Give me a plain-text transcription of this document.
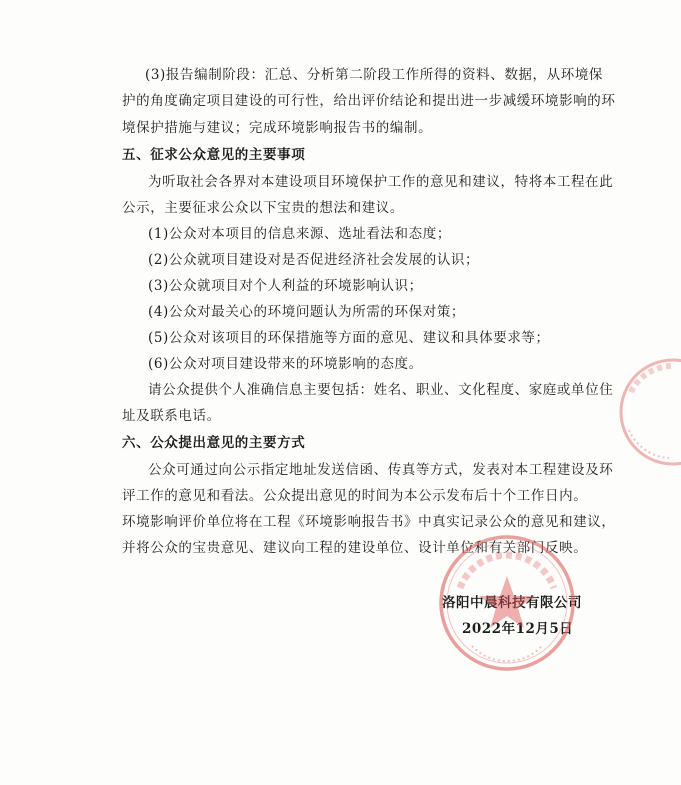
(3)报告编制阶段：汇总、分析第二阶段工作所得的资料、数据，从环境保
护的角度确定项目建设的可行性，给出评价结论和提出进一步减缓环境影响的环
境保护措施与建议；完成环境影响报告书的编制。
五、征求公众意见的主要事项
为听取社会各界对本建设项目环境保护工作的意见和建议，特将本工程在此
公示，主要征求公众以下宝贵的想法和建议。
(1)公众对本项目的信息来源、选址看法和态度；
(2)公众就项目建设对是否促进经济社会发展的认识；
(3)公众就项目对个人利益的环境影响认识；
(4)公众对最关心的环境问题认为所需的环保对策；
(5)公众对该项目的环保措施等方面的意见、建议和具体要求等；
(6)公众对项目建设带来的环境影响的态度。
请公众提供个人准确信息主要包括：姓名、职业、文化程度、家庭或单位住
址及联系电话。
六、公众提出意见的主要方式
公众可通过向公示指定地址发送信函、传真等方式，发表对本工程建设及环
评工作的意见和看法。公众提出意见的时间为本公示发布后十个工作日内。
环境影响评价单位将在工程《环境影响报告书》中真实记录公众的意见和建议，
并将公众的宝贵意见、建议向工程的建设单位、设计单位和有关部门反映。
洛阳中晨科技有限公司
2022年12月5日
